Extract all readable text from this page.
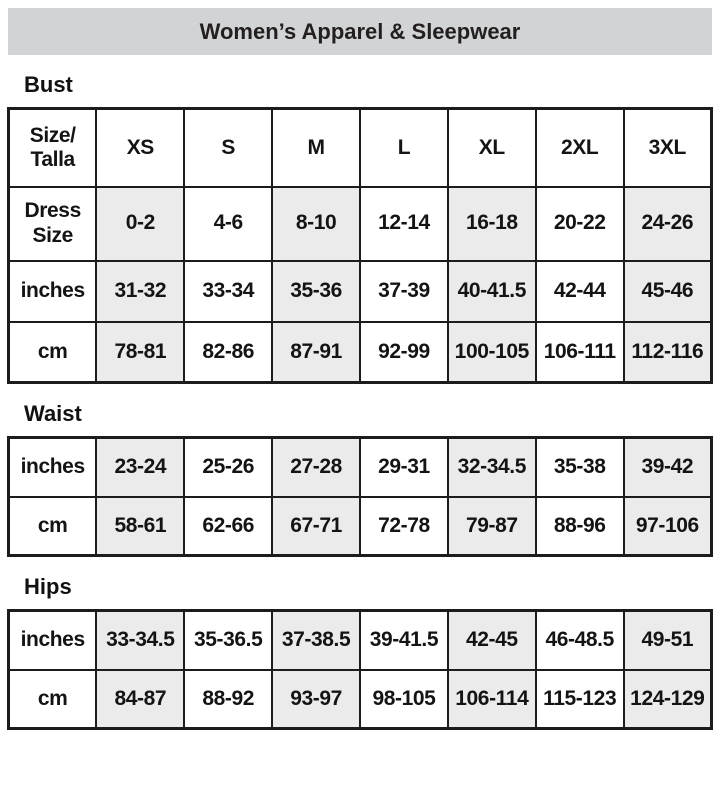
Women’s Apparel & Sleepwear
Bust
Size/
Talla	XS	S	M	L	XL	2XL	3XL
Dress Size	0-2	4-6	8-10	12-14	16-18	20-22	24-26
inches	31-32	33-34	35-36	37-39	40-41.5	42-44	45-46
cm	78-81	82-86	87-91	92-99	100-105	106-111	112-116
Waist
inches	23-24	25-26	27-28	29-31	32-34.5	35-38	39-42
cm	58-61	62-66	67-71	72-78	79-87	88-96	97-106
Hips
inches	33-34.5	35-36.5	37-38.5	39-41.5	42-45	46-48.5	49-51
cm	84-87	88-92	93-97	98-105	106-114	115-123	124-129
